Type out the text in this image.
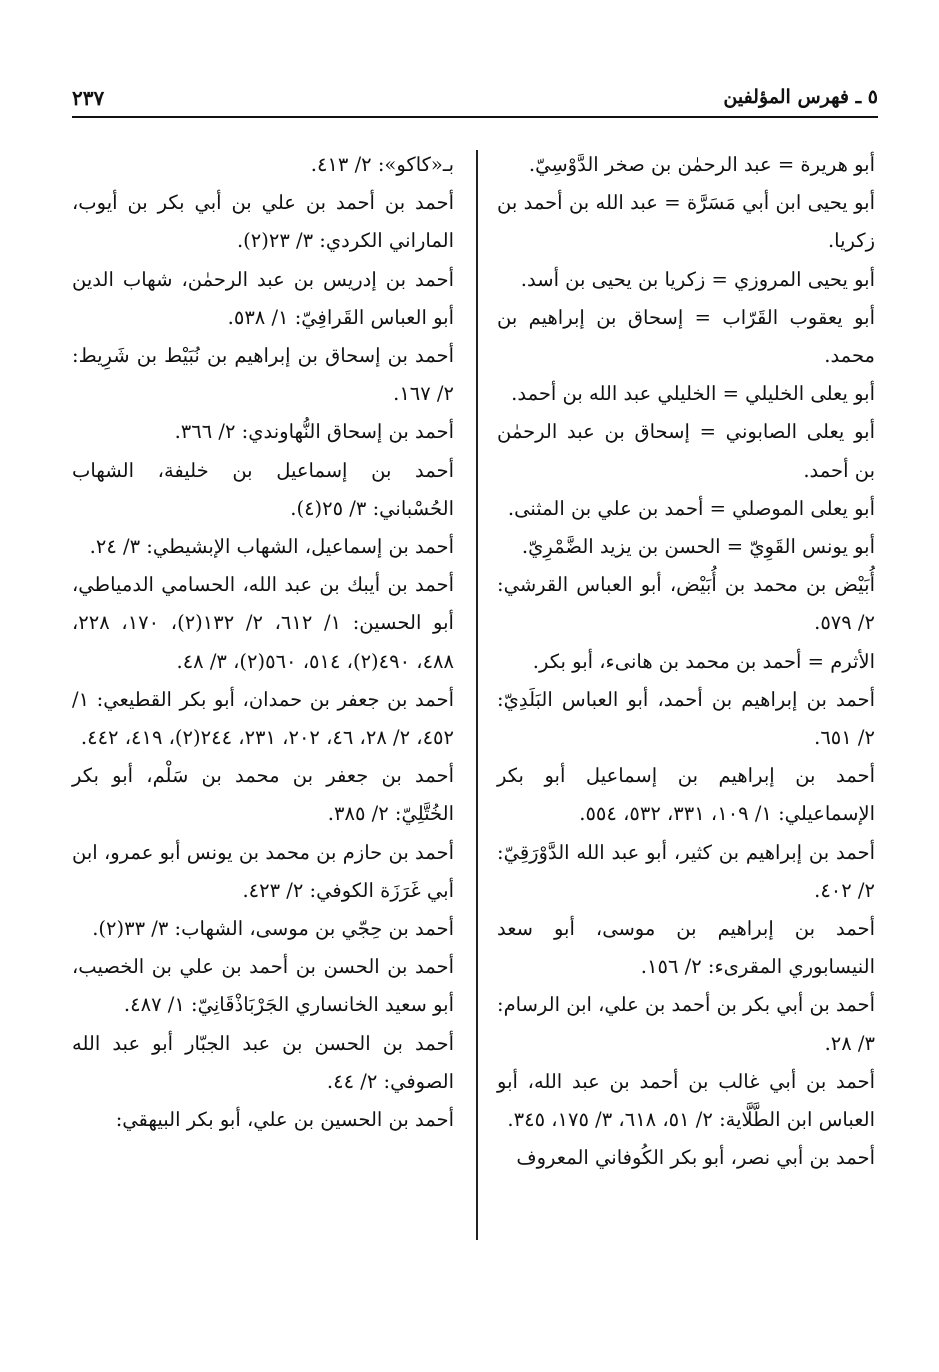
٢٣٧	٥ ـ فهرس المؤلفين

أبو هريرة = عبد الرحمٰن بن صخر الدَّوْسِيّ.

أبو يحيى ابن أبي مَسَرَّة = عبد الله بن أحمد بن زكريا.

أبو يحيى المروزي = زكريا بن يحيى بن أسد.

أبو يعقوب القَرّاب = إسحاق بن إبراهيم بن محمد.

أبو يعلى الخليلي = الخليلي عبد الله بن أحمد.

أبو يعلى الصابوني = إسحاق بن عبد الرحمٰن بن أحمد.

أبو يعلى الموصلي = أحمد بن علي بن المثنى.

أبو يونس القَوِيّ = الحسن بن يزيد الضَّمْرِيّ.

أُبَيْض بن محمد بن أُبَيْض، أبو العباس القرشي: ٢/ ٥٧٩.

الأثرم = أحمد بن محمد بن هانىء، أبو بكر.

أحمد بن إبراهيم بن أحمد، أبو العباس البَلَدِيّ: ٢/ ٦٥١.

أحمد بن إبراهيم بن إسماعيل أبو بكر الإسماعيلي: ١/ ١٠٩، ٣٣١، ٥٣٢، ٥٥٤.

أحمد بن إبراهيم بن كثير، أبو عبد الله الدَّوْرَقِيّ: ٢/ ٤٠٢.

أحمد بن إبراهيم بن موسى، أبو سعد النيسابوري المقرىء: ٢/ ١٥٦.

أحمد بن أبي بكر بن أحمد بن علي، ابن الرسام: ٣/ ٢٨.

أحمد بن أبي غالب بن أحمد بن عبد الله، أبو العباس ابن الطَّلَّاية: ٢/ ٥١، ٦١٨، ٣/ ١٧٥، ٣٤٥.

أحمد بن أبي نصر، أبو بكر الكُوفاني المعروف

بـ«كاكو»: ٢/ ٤١٣.

أحمد بن أحمد بن علي بن أبي بكر بن أيوب، الماراني الكردي: ٣/ ٢٣(٢).

أحمد بن إدريس بن عبد الرحمٰن، شهاب الدين أبو العباس القَرافِيّ: ١/ ٥٣٨.

أحمد بن إسحاق بن إبراهيم بن نُبَيْط بن شَرِيط: ٢/ ١٦٧.

أحمد بن إسحاق النُّهاوندي: ٢/ ٣٦٦.

أحمد بن إسماعيل بن خليفة، الشهاب الحُسْباني: ٣/ ٢٥(٤).

أحمد بن إسماعيل، الشهاب الإبشيطي: ٣/ ٢٤.

أحمد بن أيبك بن عبد الله، الحسامي الدمياطي، أبو الحسين: ١/ ٦١٢، ٢/ ١٣٢(٢)، ١٧٠، ٢٢٨، ٤٨٨، ٤٩٠(٢)، ٥١٤، ٥٦٠(٢)، ٣/ ٤٨.

أحمد بن جعفر بن حمدان، أبو بكر القطيعي: ١/ ٤٥٢، ٢/ ٢٨، ٤٦، ٢٠٢، ٢٣١، ٢٤٤(٢)، ٤١٩، ٤٤٢.

أحمد بن جعفر بن محمد بن سَلْم، أبو بكر الخُتَّلِيّ: ٢/ ٣٨٥.

أحمد بن حازم بن محمد بن يونس أبو عمرو، ابن أبي غَرَزَة الكوفي: ٢/ ٤٢٣.

أحمد بن حِجّي بن موسى، الشهاب: ٣/ ٣٣(٢).

أحمد بن الحسن بن أحمد بن علي بن الخصيب، أبو سعيد الخانساري الجَرْبَاذْقَانِيّ: ١/ ٤٨٧.

أحمد بن الحسن بن عبد الجبّار أبو عبد الله الصوفي: ٢/ ٤٤.

أحمد بن الحسين بن علي، أبو بكر البيهقي:
